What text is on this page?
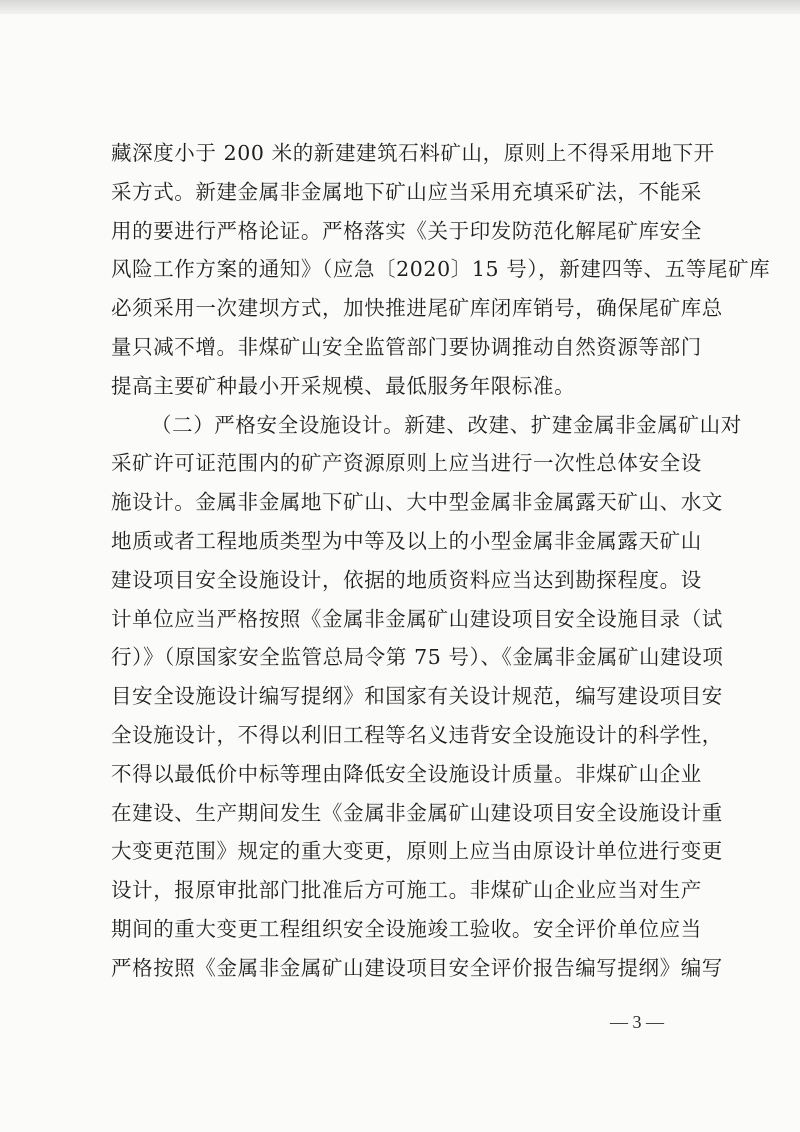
藏深度小于 200 米的新建建筑石料矿山，原则上不得采用地下开
采方式。新建金属非金属地下矿山应当采用充填采矿法，不能采
用的要进行严格论证。严格落实《关于印发防范化解尾矿库安全
风险工作方案的通知》（应急〔2020〕15 号），新建四等、五等尾矿库
必须采用一次建坝方式，加快推进尾矿库闭库销号，确保尾矿库总
量只减不增。非煤矿山安全监管部门要协调推动自然资源等部门
提高主要矿种最小开采规模、最低服务年限标准。
（二）严格安全设施设计。新建、改建、扩建金属非金属矿山对
采矿许可证范围内的矿产资源原则上应当进行一次性总体安全设
施设计。金属非金属地下矿山、大中型金属非金属露天矿山、水文
地质或者工程地质类型为中等及以上的小型金属非金属露天矿山
建设项目安全设施设计，依据的地质资料应当达到勘探程度。设
计单位应当严格按照《金属非金属矿山建设项目安全设施目录（试
行）》（原国家安全监管总局令第 75 号）、《金属非金属矿山建设项
目安全设施设计编写提纲》和国家有关设计规范，编写建设项目安
全设施设计，不得以利旧工程等名义违背安全设施设计的科学性，
不得以最低价中标等理由降低安全设施设计质量。非煤矿山企业
在建设、生产期间发生《金属非金属矿山建设项目安全设施设计重
大变更范围》规定的重大变更，原则上应当由原设计单位进行变更
设计，报原审批部门批准后方可施工。非煤矿山企业应当对生产
期间的重大变更工程组织安全设施竣工验收。安全评价单位应当
严格按照《金属非金属矿山建设项目安全评价报告编写提纲》编写
— 3 —
